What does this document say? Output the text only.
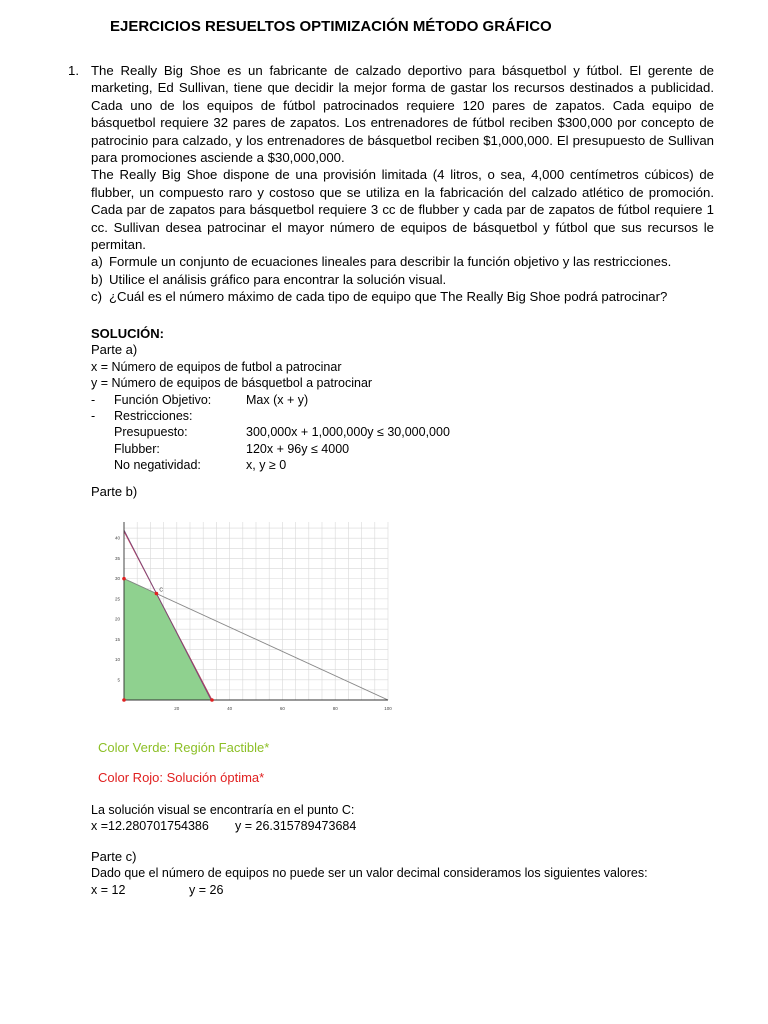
EJERCICIOS RESUELTOS OPTIMIZACIÓN MÉTODO GRÁFICO
1. The Really Big Shoe es un fabricante de calzado deportivo para básquetbol y fútbol. El gerente de marketing, Ed Sullivan, tiene que decidir la mejor forma de gastar los recursos destinados a publicidad. Cada uno de los equipos de fútbol patrocinados requiere 120 pares de zapatos. Cada equipo de básquetbol requiere 32 pares de zapatos. Los entrenadores de fútbol reciben $300,000 por concepto de patrocinio para calzado, y los entrenadores de básquetbol reciben $1,000,000. El presupuesto de Sullivan para promociones asciende a $30,000,000.

The Really Big Shoe dispone de una provisión limitada (4 litros, o sea, 4,000 centímetros cúbicos) de flubber, un compuesto raro y costoso que se utiliza en la fabricación del calzado atlético de promoción. Cada par de zapatos para básquetbol requiere 3 cc de flubber y cada par de zapatos de fútbol requiere 1 cc. Sullivan desea patrocinar el mayor número de equipos de básquetbol y fútbol que sus recursos le permitan.

a) Formule un conjunto de ecuaciones lineales para describir la función objetivo y las restricciones.
b) Utilice el análisis gráfico para encontrar la solución visual.
c) ¿Cuál es el número máximo de cada tipo de equipo que The Really Big Shoe podrá patrocinar?
SOLUCIÓN:
Parte a)
x = Número de equipos de futbol a patrocinar
y = Número de equipos de básquetbol a patrocinar
-	Función Objetivo:	Max (x + y)
-	Restricciones:
Presupuesto:	300,000x + 1,000,000y ≤ 30,000,000
Flubber:	120x + 96y ≤ 4000
No negatividad:	x, y ≥ 0
Parte b)
20	40	60	80	100
5
10
15
20
25
30
35
40
C
Color Verde: Región Factible*
Color Rojo: Solución óptima*
La solución visual se encontraría en el punto C:
x =12.280701754386	y = 26.315789473684
Parte c)
Dado que el número de equipos no puede ser un valor decimal consideramos los siguientes valores:
x = 12	y = 26
